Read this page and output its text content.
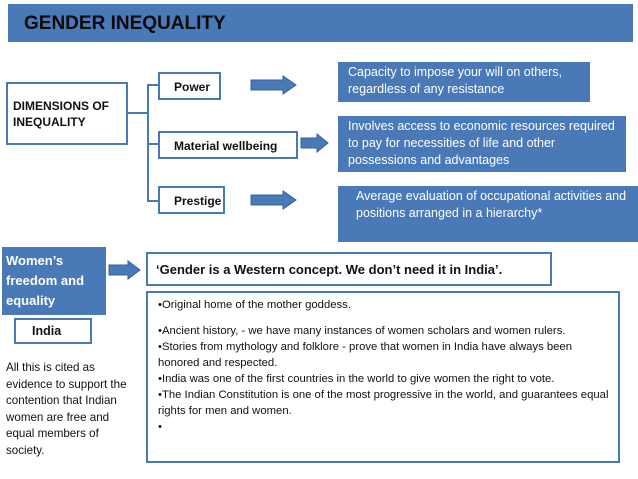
GENDER INEQUALITY
DIMENSIONS OF INEQUALITY
Power
Material wellbeing
Prestige
Capacity to impose your will on others, regardless of any resistance
Involves access to economic resources required to pay for necessities of life and other possessions and advantages
Average evaluation of occupational activities and positions arranged in a hierarchy*
Women’s freedom and equality
India
‘Gender is a Western concept. We don’t need it in India’.
•Original home of the mother goddess.
•Ancient history, - we have many instances of women scholars and women rulers.
•Stories from mythology and folklore - prove that women in India have always been honored and respected.
•India was one of the first countries in the world to give women the right to vote.
•The Indian Constitution is one of the most progressive in the world, and guarantees equal rights for men and women.
•
All this is cited as evidence to support the contention that Indian women are free and equal members of society.
